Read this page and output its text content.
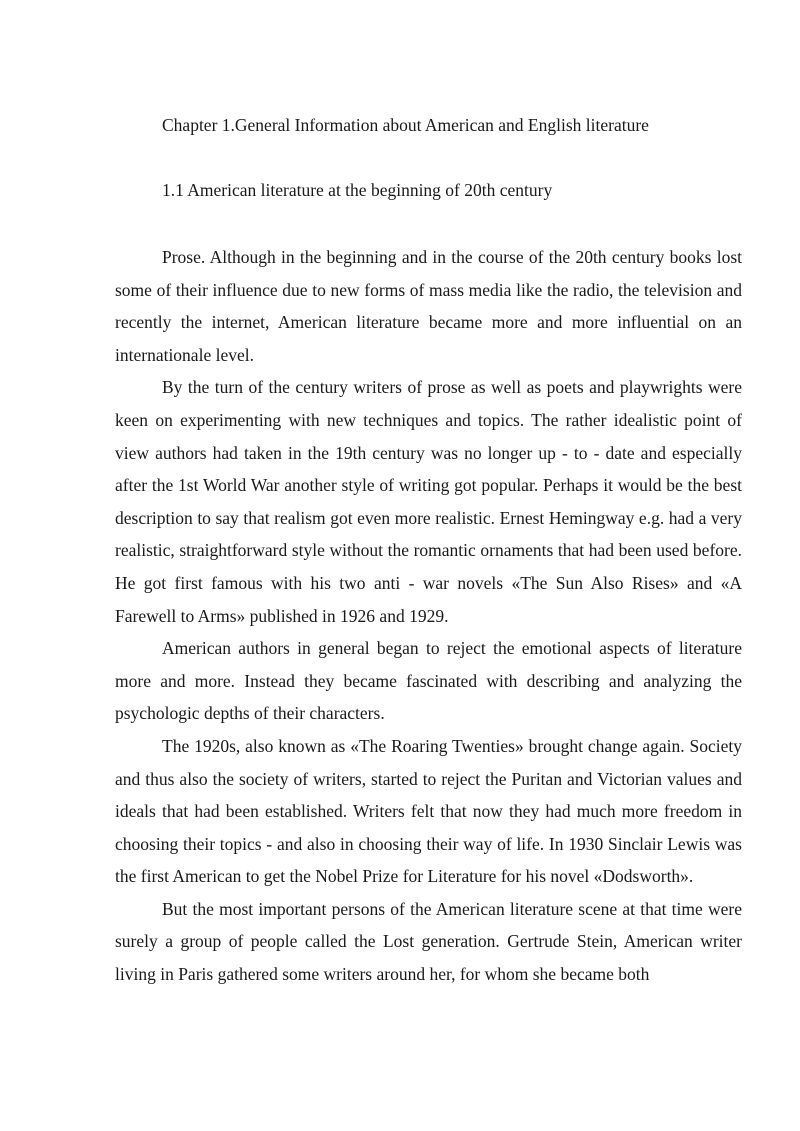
Chapter 1.General Information about American and English literature
1.1 American literature at the beginning of 20th century

Prose. Although in the beginning and in the course of the 20th century books lost some of their influence due to new forms of mass media like the radio, the television and recently the internet, American literature became more and more influential on an internationale level.

By the turn of the century writers of prose as well as poets and playwrights were keen on experimenting with new techniques and topics. The rather idealistic point of view authors had taken in the 19th century was no longer up - to - date and especially after the 1st World War another style of writing got popular. Perhaps it would be the best description to say that realism got even more realistic. Ernest Hemingway e.g. had a very realistic, straightforward style without the romantic ornaments that had been used before. He got first famous with his two anti - war novels «The Sun Also Rises» and «A Farewell to Arms» published in 1926 and 1929.

American authors in general began to reject the emotional aspects of literature more and more. Instead they became fascinated with describing and analyzing the psychologic depths of their characters.

The 1920s, also known as «The Roaring Twenties» brought change again. Society and thus also the society of writers, started to reject the Puritan and Victorian values and ideals that had been established. Writers felt that now they had much more freedom in choosing their topics - and also in choosing their way of life. In 1930 Sinclair Lewis was the first American to get the Nobel Prize for Literature for his novel «Dodsworth».

But the most important persons of the American literature scene at that time were surely a group of people called the Lost generation. Gertrude Stein, American writer living in Paris gathered some writers around her, for whom she became both
